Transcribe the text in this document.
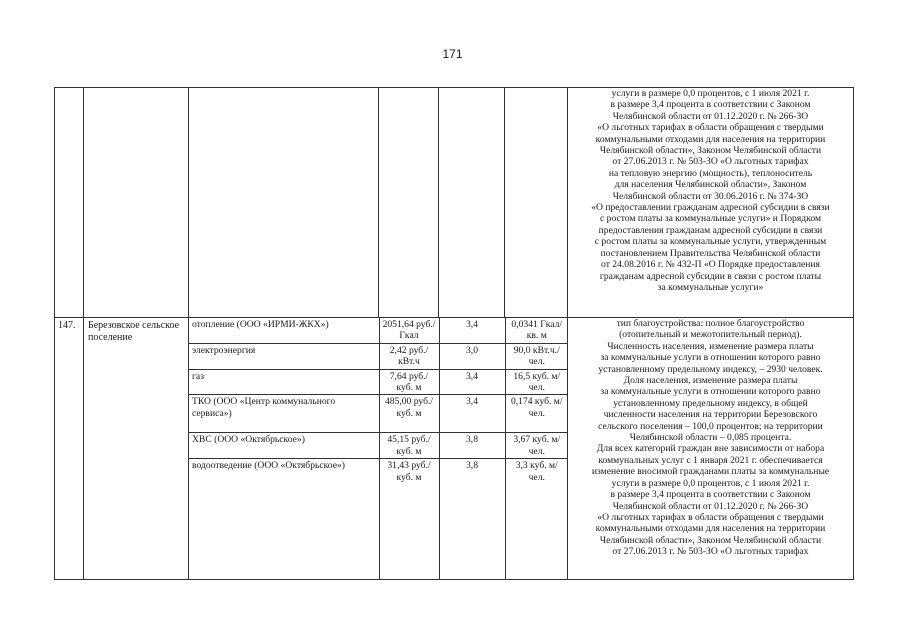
171

услуги в размере 0,0 процентов, с 1 июля 2021 г.
в размере 3,4 процента в соответствии с Законом
Челябинской области от 01.12.2020 г. № 266-ЗО
«О льготных тарифах в области обращения с твердыми
коммунальными отходами для населения на территории
Челябинской области», Законом Челябинской области
от 27.06.2013 г. № 503-ЗО «О льготных тарифах
на тепловую энергию (мощность), теплоноситель
для населения Челябинской области», Законом
Челябинской области от 30.06.2016 г. № 374-ЗО
«О предоставлении гражданам адресной субсидии в связи
с ростом платы за коммунальные услуги» и Порядком
предоставления гражданам адресной субсидии в связи
с ростом платы за коммунальные услуги, утвержденным
постановлением Правительства Челябинской области
от 24.08.2016 г. № 432-П «О Порядке предоставления
гражданам адресной субсидии в связи с ростом платы
за коммунальные услуги»

147.	Березовское сельское поселение	
отопление (ООО «ИРМИ-ЖКХ»)	2051,64 руб./Гкал	3,4	0,0341 Гкал/кв. м
электроэнергия	2,42 руб./кВт.ч	3,0	90,0 кВт.ч./чел.
газ	7,64 руб./куб. м	3,4	16,5 куб. м/чел.
ТКО (ООО «Центр коммунального сервиса»)	485,00 руб./куб. м	3,4	0,174 куб. м/чел.
ХВС (ООО «Октябрьское»)	45,15 руб./куб. м	3,8	3,67 куб. м/чел.
водоотведение (ООО «Октябрьское»)	31,43 руб./куб. м	3,8	3,3 куб. м/чел.

тип благоустройства: полное благоустройство
(отопительный и межотопительный период).
Численность населения, изменение размера платы
за коммунальные услуги в отношении которого равно
установленному предельному индексу, – 2930 человек.
Доля населения, изменение размера платы
за коммунальные услуги в отношении которого равно
установленному предельному индексу, в общей
численности населения на территории Березовского
сельского поселения – 100,0 процентов; на территории
Челябинской области – 0,085 процента.
Для всех категорий граждан вне зависимости от набора
коммунальных услуг с 1 января 2021 г. обеспечивается
изменение вносимой гражданами платы за коммунальные
услуги в размере 0,0 процентов, с 1 июля 2021 г.
в размере 3,4 процента в соответствии с Законом
Челябинской области от 01.12.2020 г. № 266-ЗО
«О льготных тарифах в области обращения с твердыми
коммунальными отходами для населения на территории
Челябинской области», Законом Челябинской области
от 27.06.2013 г. № 503-ЗО «О льготных тарифах
